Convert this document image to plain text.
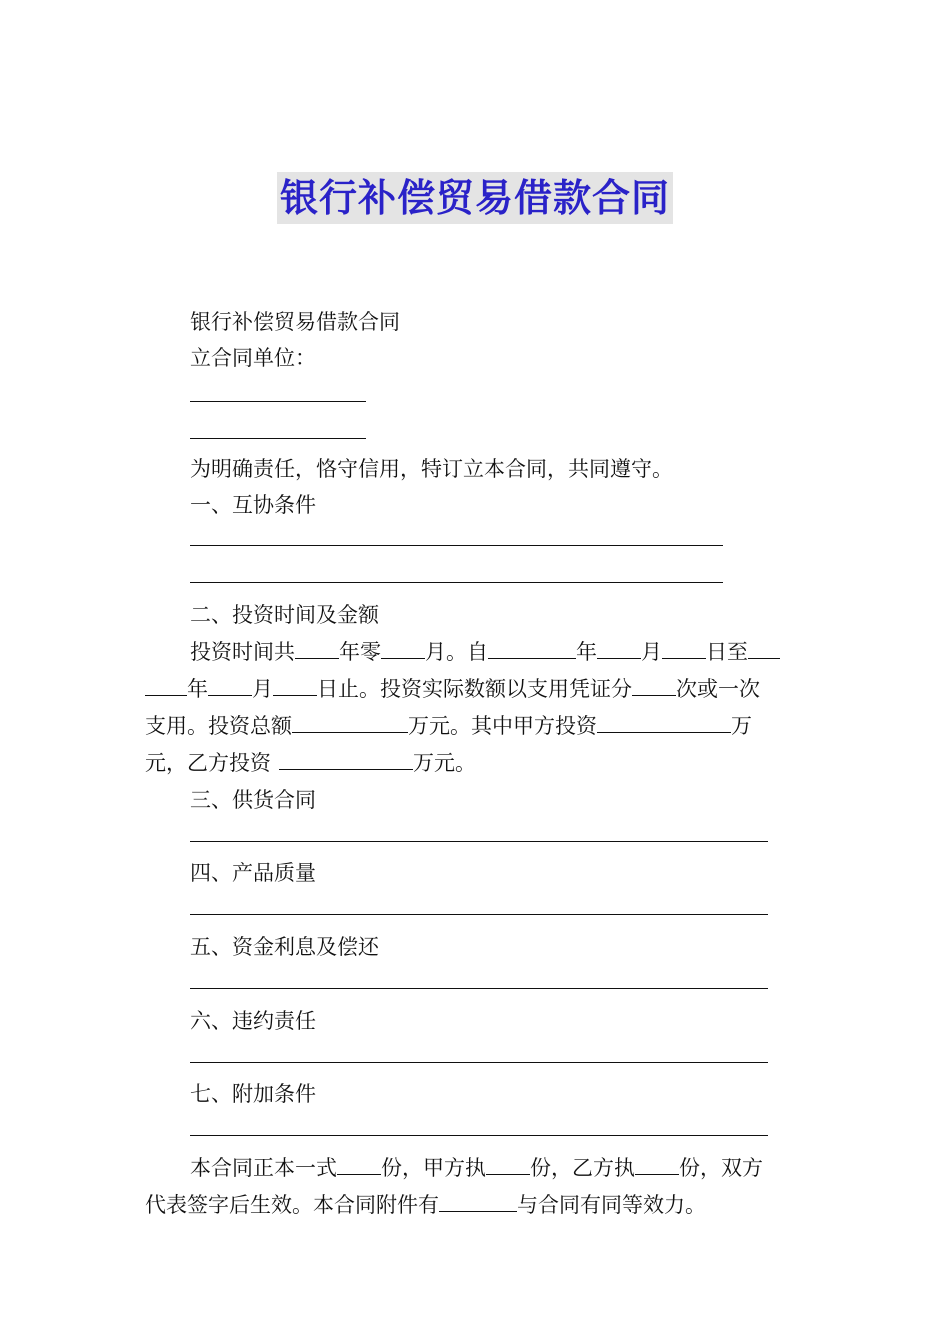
银行补偿贸易借款合同
银行补偿贸易借款合同
立合同单位：
为明确责任，恪守信用，特订立本合同，共同遵守。
一、互协条件
二、投资时间及金额
投资时间共 年零 月。自	年 月 日至
年 月 日止。投资实际数额以支用凭证分 次或一次
支用。投资总额	万元。其中甲方投资	万
元，乙方投资	万元。
三、供货合同
四、产品质量
五、资金利息及偿还
六、违约责任
七、附加条件
本合同正本一式 份，甲方执 份，乙方执 份，双方
代表签字后生效。本合同附件有	与合同有同等效力。
